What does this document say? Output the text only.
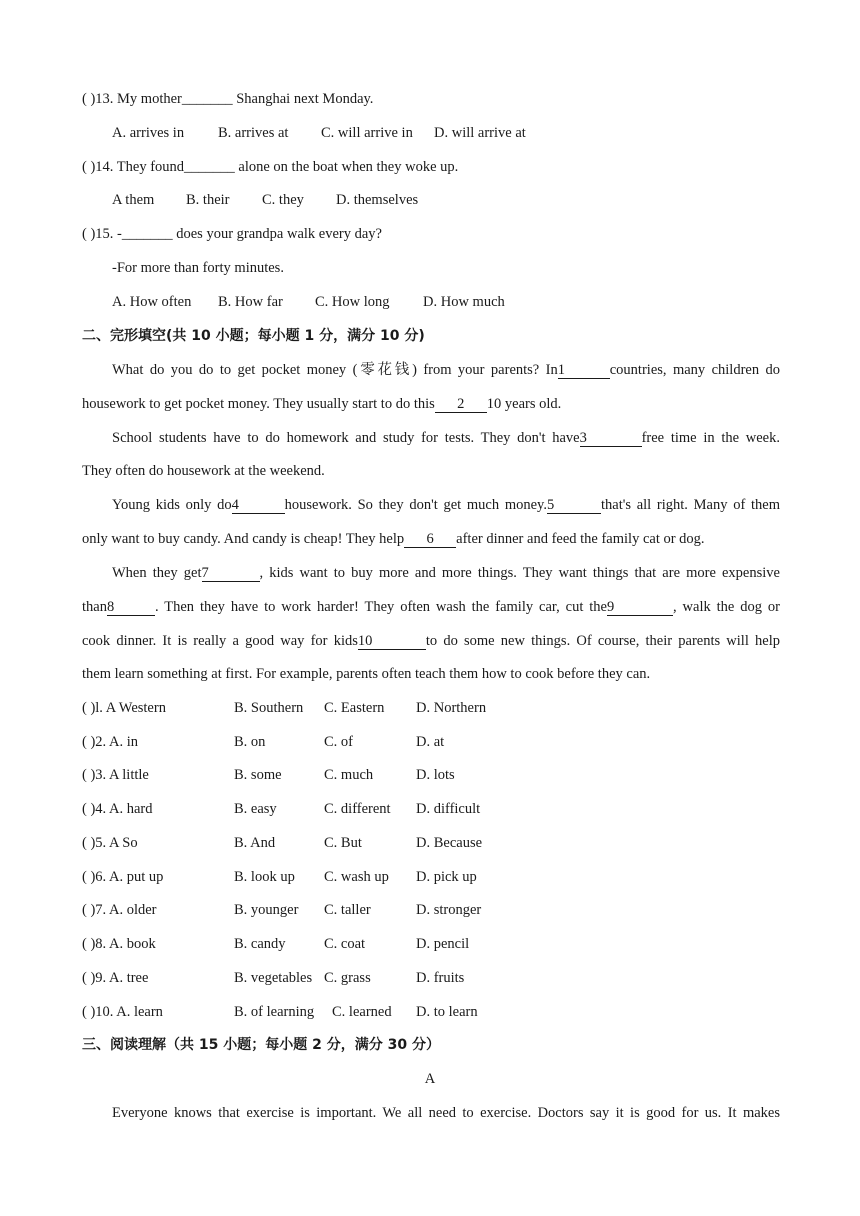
( )13. My mother_______ Shanghai next Monday.
A. arrives in B. arrives at C. will arrive in D. will arrive at
( )14. They found_______ alone on the boat when they woke up.
A them B. their C. they D. themselves
( )15. -_______ does your grandpa walk every day?
-For more than forty minutes.
A. How often B. How far C. How long D. How much
二、完形填空(共 10 小题；每小题 1 分，满分 10 分)
What do you do to get pocket money (零花钱) from your parents? In1	countries, many children do
housework to get pocket money. They usually start to do this 2 10 years old.
School students have to do homework and study for tests. They don't have3	free time in the week.
They often do housework at the weekend.
Young kids only do4	housework. So they don't get much money.5	that's all right. Many of them
only want to buy candy. And candy is cheap! They help 6 after dinner and feed the family cat or dog.
When they get7	, kids want to buy more and more things. They want things that are more expensive
than8	. Then they have to work harder! They often wash the family car, cut the9	, walk the dog or
cook dinner. It is really a good way for kids10	to do some new things. Of course, their parents will help
them learn something at first. For example, parents often teach them how to cook before they can.
( )l. A Western	B. Southern C. Eastern D. Northern
( )2. A. in	B. on	C. of	D. at
( )3. A little	B. some	C. much	D. lots
( )4. A. hard	B. easy	C. different D. difficult
( )5. A So	B. And	C. But	D. Because
( )6. A. put up	B. look up C. wash up D. pick up
( )7. A. older	B. younger C. taller	D. stronger
( )8. A. book	B. candy	C. coat	D. pencil
( )9. A. tree	B. vegetables C. grass	D. fruits
( )10. A. learn	B. of learning C. learned D. to learn
三、阅读理解（共 15 小题；每小题 2 分，满分 30 分）
A
Everyone knows that exercise is important. We all need to exercise. Doctors say it is good for us. It makes
